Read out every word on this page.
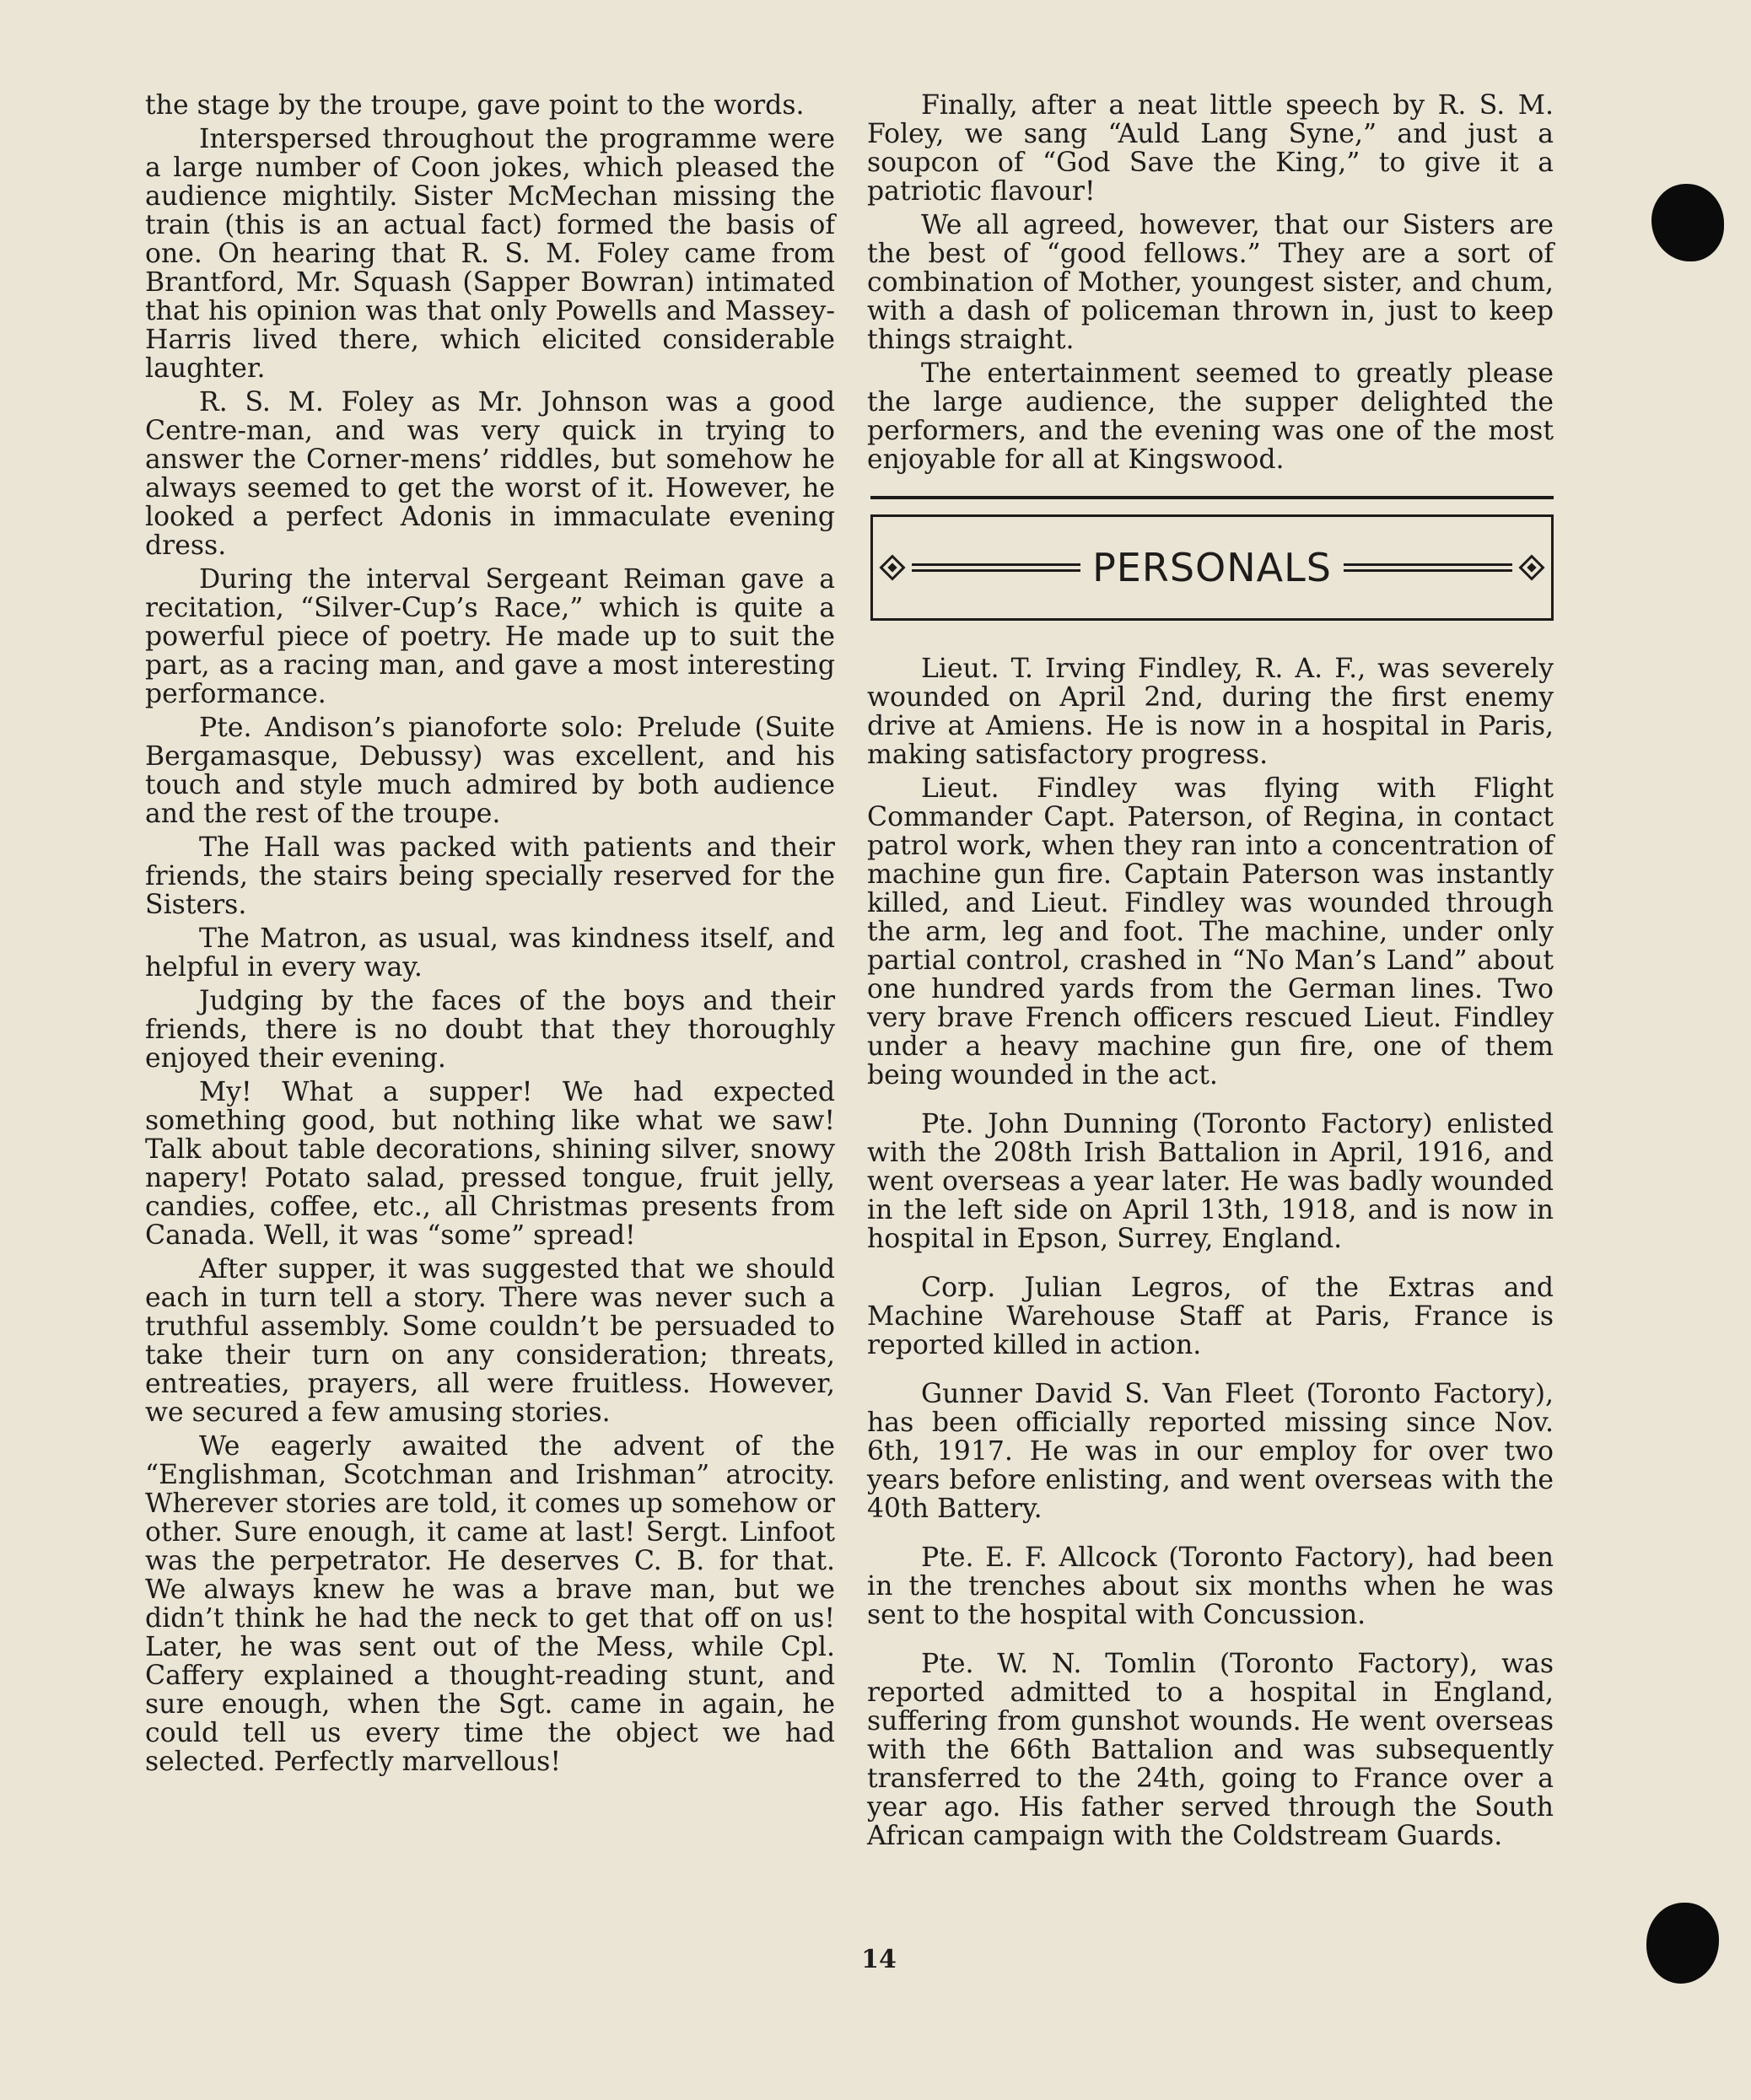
the stage by the troupe, gave point to the words.

Interspersed throughout the programme were a large number of Coon jokes, which pleased the audience mightily. Sister McMechan missing the train (this is an actual fact) formed the basis of one. On hearing that R. S. M. Foley came from Brantford, Mr. Squash (Sapper Bowran) intimated that his opinion was that only Powells and Massey-Harris lived there, which elicited considerable laughter.

R. S. M. Foley as Mr. Johnson was a good Centre-man, and was very quick in trying to answer the Corner-mens’ riddles, but somehow he always seemed to get the worst of it. However, he looked a perfect Adonis in immaculate evening dress.

During the interval Sergeant Reiman gave a recitation, “Silver-Cup’s Race,” which is quite a powerful piece of poetry. He made up to suit the part, as a racing man, and gave a most interesting performance.

Pte. Andison’s pianoforte solo: Prelude (Suite Bergamasque, Debussy) was excellent, and his touch and style much admired by both audience and the rest of the troupe.

The Hall was packed with patients and their friends, the stairs being specially reserved for the Sisters.

The Matron, as usual, was kindness itself, and helpful in every way.

Judging by the faces of the boys and their friends, there is no doubt that they thoroughly enjoyed their evening.

My! What a supper! We had expected something good, but nothing like what we saw! Talk about table decorations, shining silver, snowy napery! Potato salad, pressed tongue, fruit jelly, candies, coffee, etc., all Christmas presents from Canada. Well, it was “some” spread!

After supper, it was suggested that we should each in turn tell a story. There was never such a truthful assembly. Some couldn’t be persuaded to take their turn on any consideration; threats, entreaties, prayers, all were fruitless. However, we secured a few amusing stories.

We eagerly awaited the advent of the “Englishman, Scotchman and Irishman” atrocity. Wherever stories are told, it comes up somehow or other. Sure enough, it came at last! Sergt. Linfoot was the perpetrator. He deserves C. B. for that. We always knew he was a brave man, but we didn’t think he had the neck to get that off on us! Later, he was sent out of the Mess, while Cpl. Caffery explained a thought-reading stunt, and sure enough, when the Sgt. came in again, he could tell us every time the object we had selected. Perfectly marvellous!

Finally, after a neat little speech by R. S. M. Foley, we sang “Auld Lang Syne,” and just a soupcon of “God Save the King,” to give it a patriotic flavour!

We all agreed, however, that our Sisters are the best of “good fellows.” They are a sort of combination of Mother, youngest sister, and chum, with a dash of policeman thrown in, just to keep things straight.

The entertainment seemed to greatly please the large audience, the supper delighted the performers, and the evening was one of the most enjoyable for all at Kingswood.

PERSONALS

Lieut. T. Irving Findley, R. A. F., was severely wounded on April 2nd, during the first enemy drive at Amiens. He is now in a hospital in Paris, making satisfactory progress.

Lieut. Findley was flying with Flight Commander Capt. Paterson, of Regina, in contact patrol work, when they ran into a concentration of machine gun fire. Captain Paterson was instantly killed, and Lieut. Findley was wounded through the arm, leg and foot. The machine, under only partial control, crashed in “No Man’s Land” about one hundred yards from the German lines. Two very brave French officers rescued Lieut. Findley under a heavy machine gun fire, one of them being wounded in the act.

Pte. John Dunning (Toronto Factory) enlisted with the 208th Irish Battalion in April, 1916, and went overseas a year later. He was badly wounded in the left side on April 13th, 1918, and is now in hospital in Epson, Surrey, England.

Corp. Julian Legros, of the Extras and Machine Warehouse Staff at Paris, France is reported killed in action.

Gunner David S. Van Fleet (Toronto Factory), has been officially reported missing since Nov. 6th, 1917. He was in our employ for over two years before enlisting, and went overseas with the 40th Battery.

Pte. E. F. Allcock (Toronto Factory), had been in the trenches about six months when he was sent to the hospital with Concussion.

Pte. W. N. Tomlin (Toronto Factory), was reported admitted to a hospital in England, suffering from gunshot wounds. He went overseas with the 66th Battalion and was subsequently transferred to the 24th, going to France over a year ago. His father served through the South African campaign with the Coldstream Guards.

14
